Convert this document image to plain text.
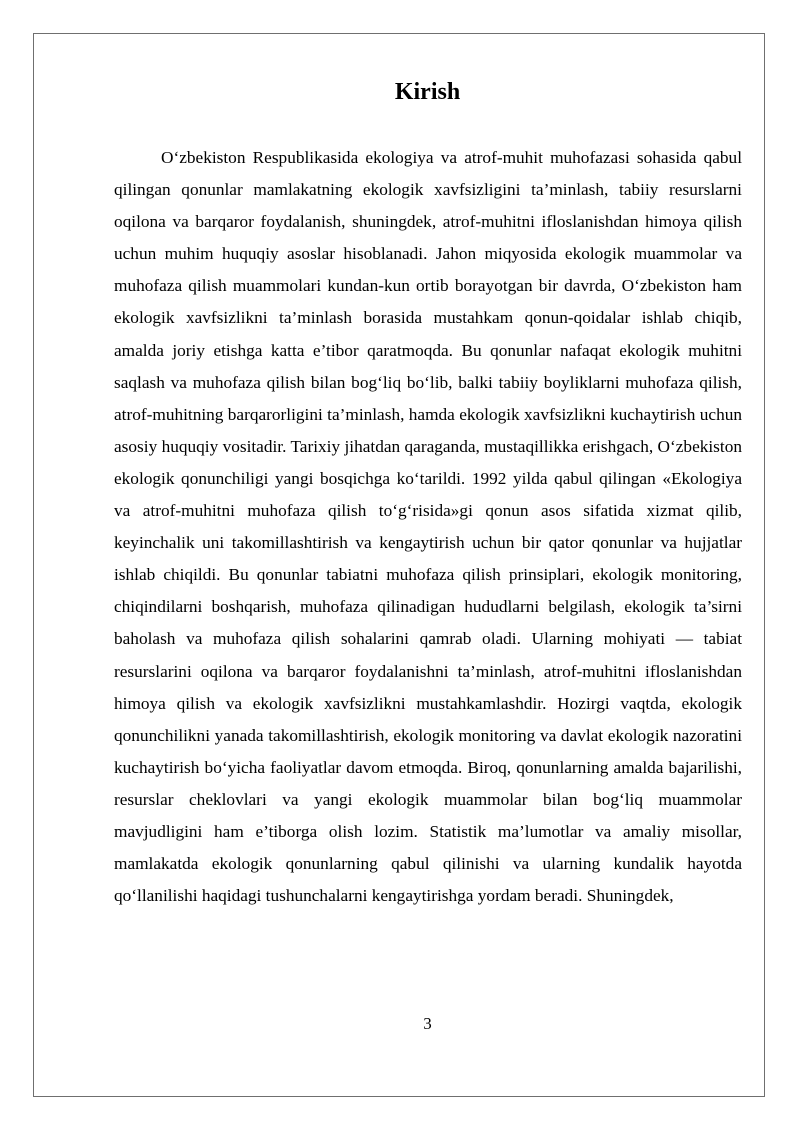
Kirish

O‘zbekiston Respublikasida ekologiya va atrof-muhit muhofazasi sohasida qabul qilingan qonunlar mamlakatning ekologik xavfsizligini ta’minlash, tabiiy resurslarni oqilona va barqaror foydalanish, shuningdek, atrof-muhitni ifloslanishdan himoya qilish uchun muhim huquqiy asoslar hisoblanadi. Jahon miqyosida ekologik muammolar va muhofaza qilish muammolari kundan-kun ortib borayotgan bir davrda, O‘zbekiston ham ekologik xavfsizlikni ta’minlash borasida mustahkam qonun-qoidalar ishlab chiqib, amalda joriy etishga katta e’tibor qaratmoqda. Bu qonunlar nafaqat ekologik muhitni saqlash va muhofaza qilish bilan bog‘liq bo‘lib, balki tabiiy boyliklarni muhofaza qilish, atrof-muhitning barqarorligini ta’minlash, hamda ekologik xavfsizlikni kuchaytirish uchun asosiy huquqiy vositadir. Tarixiy jihatdan qaraganda, mustaqillikka erishgach, O‘zbekiston ekologik qonunchiligi yangi bosqichga ko‘tarildi. 1992 yilda qabul qilingan «Ekologiya va atrof-muhitni muhofaza qilish to‘g‘risida»gi qonun asos sifatida xizmat qilib, keyinchalik uni takomillashtirish va kengaytirish uchun bir qator qonunlar va hujjatlar ishlab chiqildi. Bu qonunlar tabiatni muhofaza qilish prinsiplari, ekologik monitoring, chiqindilarni boshqarish, muhofaza qilinadigan hududlarni belgilash, ekologik ta’sirni baholash va muhofaza qilish sohalarini qamrab oladi. Ularning mohiyati — tabiat resurslarini oqilona va barqaror foydalanishni ta’minlash, atrof-muhitni ifloslanishdan himoya qilish va ekologik xavfsizlikni mustahkamlashdir. Hozirgi vaqtda, ekologik qonunchilikni yanada takomillashtirish, ekologik monitoring va davlat ekologik nazoratini kuchaytirish bo‘yicha faoliyatlar davom etmoqda. Biroq, qonunlarning amalda bajarilishi, resurslar cheklovlari va yangi ekologik muammolar bilan bog‘liq muammolar mavjudligini ham e’tiborga olish lozim. Statistik ma’lumotlar va amaliy misollar, mamlakatda ekologik qonunlarning qabul qilinishi va ularning kundalik hayotda qo‘llanilishi haqidagi tushunchalarni kengaytirishga yordam beradi. Shuningdek,

3
